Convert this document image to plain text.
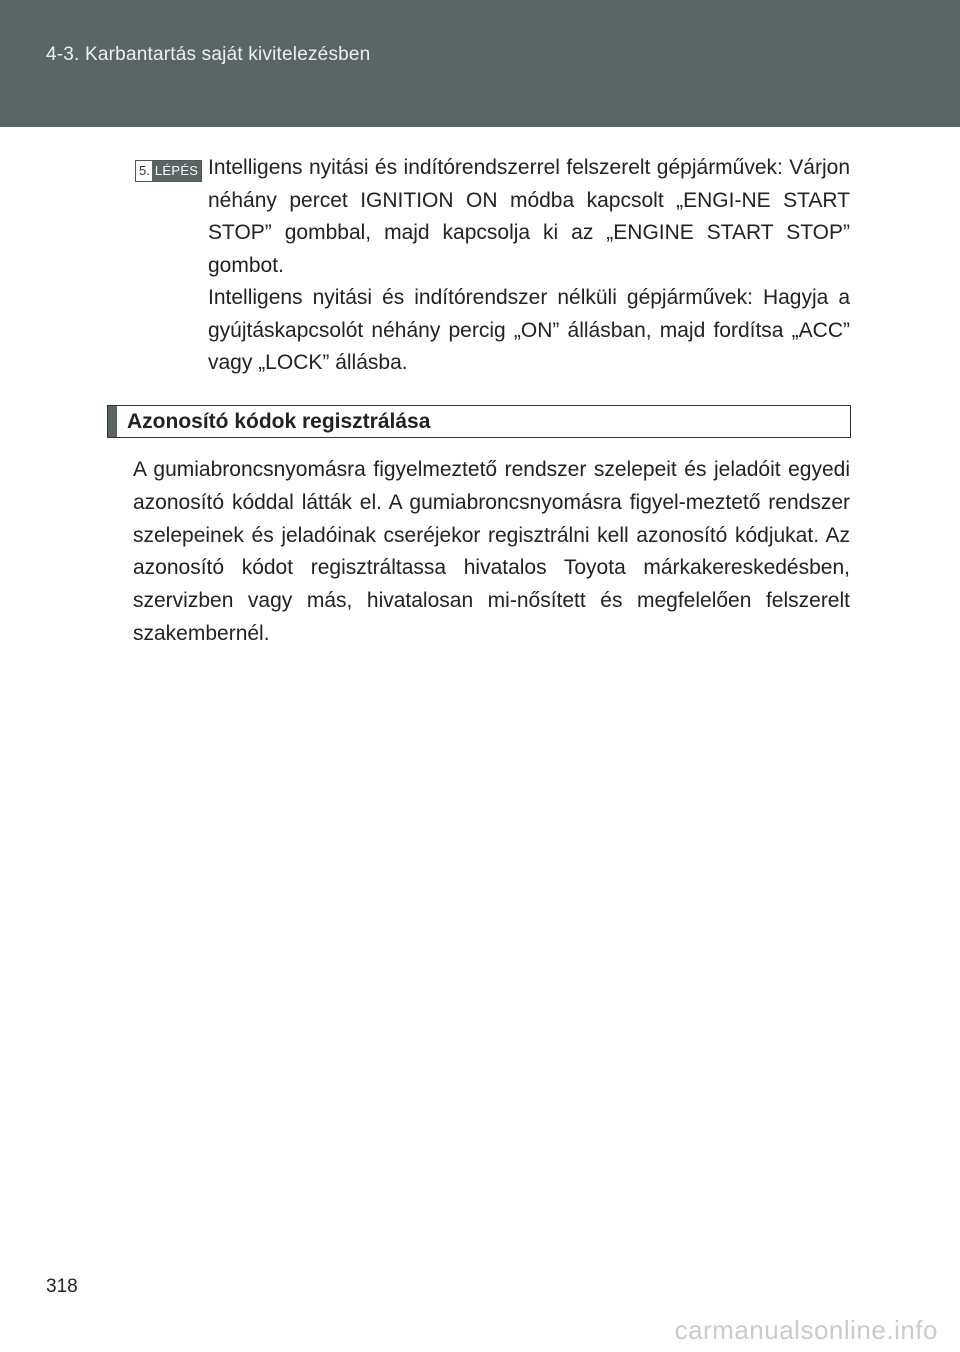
4-3. Karbantartás saját kivitelezésben
5. LÉPÉS Intelligens nyitási és indítórendszerrel felszerelt gépjárművek: Várjon néhány percet IGNITION ON módba kapcsolt „ENGI-NE START STOP” gombbal, majd kapcsolja ki az „ENGINE START STOP” gombot.

Intelligens nyitási és indítórendszer nélküli gépjárművek: Hagyja a gyújtáskapcsolót néhány percig „ON” állásban, majd fordítsa „ACC” vagy „LOCK” állásba.

Azonosító kódok regisztrálása

A gumiabroncsnyomásra figyelmeztető rendszer szelepeit és jeladóit egyedi azonosító kóddal látták el. A gumiabroncsnyomásra figyel-meztető rendszer szelepeinek és jeladóinak cseréjekor regisztrálni kell azonosító kódjukat. Az azonosító kódot regisztráltassa hivatalos Toyota márkakereskedésben, szervizben vagy más, hivatalosan mi-nősített és megfelelően felszerelt szakembernél.

318
carmanualsonline.info
